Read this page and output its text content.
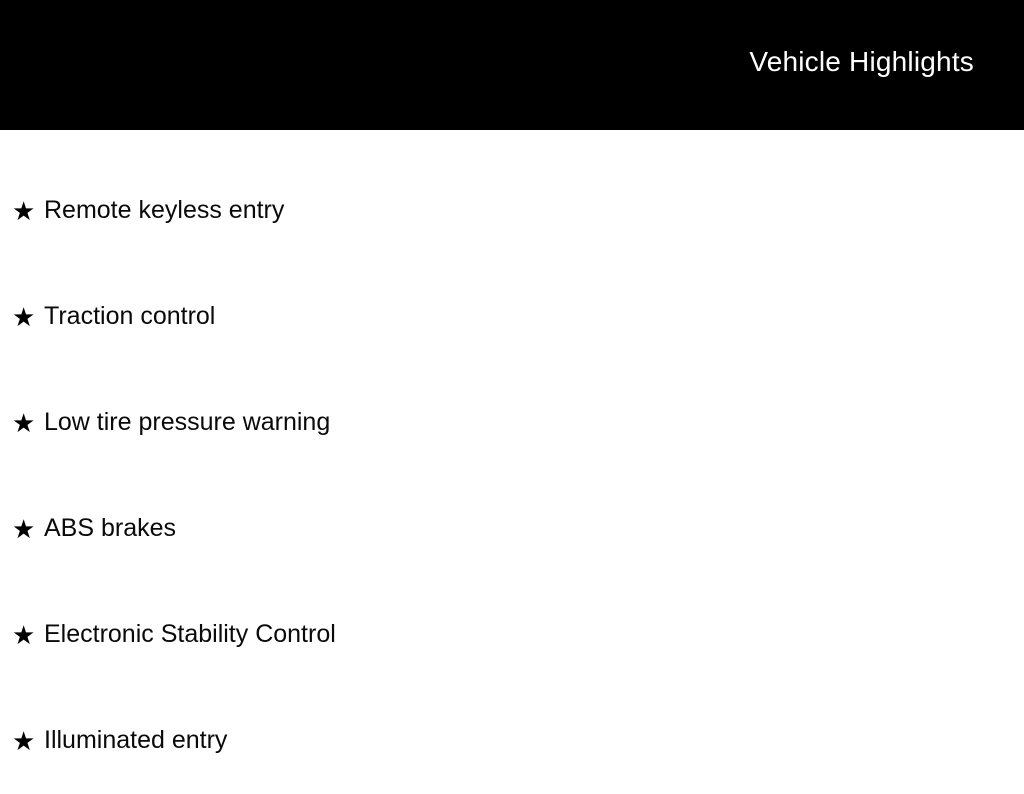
Vehicle Highlights
★ Remote keyless entry
★ Traction control
★ Low tire pressure warning
★ ABS brakes
★ Electronic Stability Control
★ Illuminated entry
